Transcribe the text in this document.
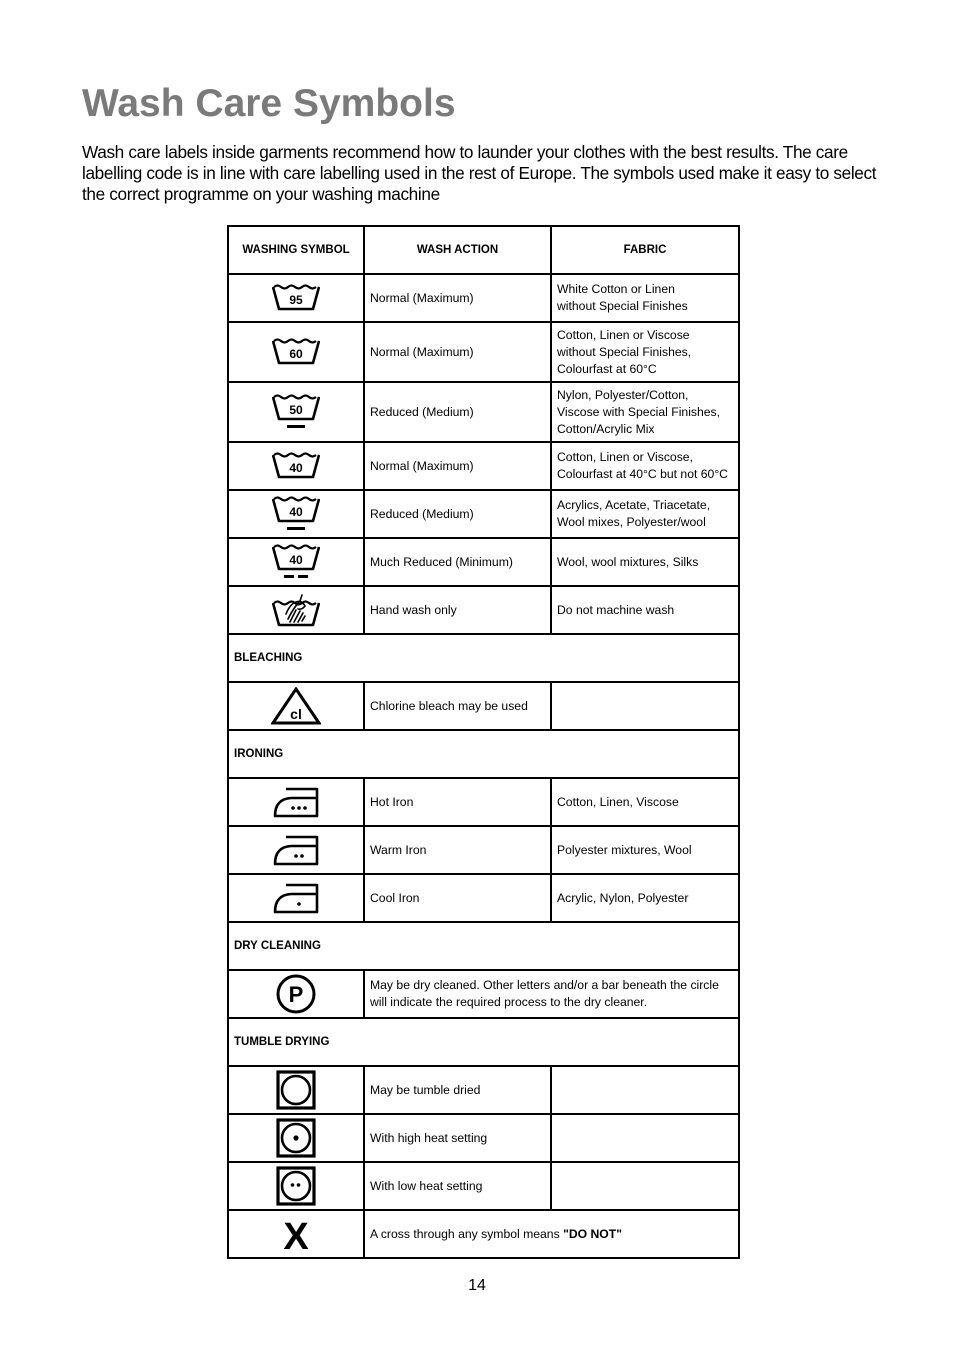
Wash Care Symbols

Wash care labels inside garments recommend how to launder your clothes with the best results. The care labelling code is in line with care labelling used in the rest of Europe. The symbols used make it easy to select the correct programme on your washing machine

WASHING SYMBOL	WASH ACTION	FABRIC

95	Normal (Maximum)	White Cotton or Linen
without Special Finishes

60	Normal (Maximum)	Cotton, Linen or Viscose
without Special Finishes,
Colourfast at 60°C

50	Reduced (Medium)	Nylon, Polyester/Cotton,
Viscose with Special Finishes,
Cotton/Acrylic Mix

40	Normal (Maximum)	Cotton, Linen or Viscose,
Colourfast at 40°C but not 60°C

40	Reduced (Medium)	Acrylics, Acetate, Triacetate,
Wool mixes, Polyester/wool

40	Much Reduced (Minimum)	Wool, wool mixtures, Silks

	Hand wash only	Do not machine wash
BLEACHING		

cl	Chlorine bleach may be used	
IRONING		

	Hot Iron	Cotton, Linen, Viscose

	Warm Iron	Polyester mixtures, Wool

	Cool Iron	Acrylic, Nylon, Polyester
DRY CLEANING		

P	May be dry cleaned. Other letters and/or a bar beneath the circle
will indicate the required process to the dry cleaner.	
TUMBLE DRYING		

	May be tumble dried	

	With high heat setting	

	With low heat setting	

X	A cross through any symbol means "DO NOT"	
14
